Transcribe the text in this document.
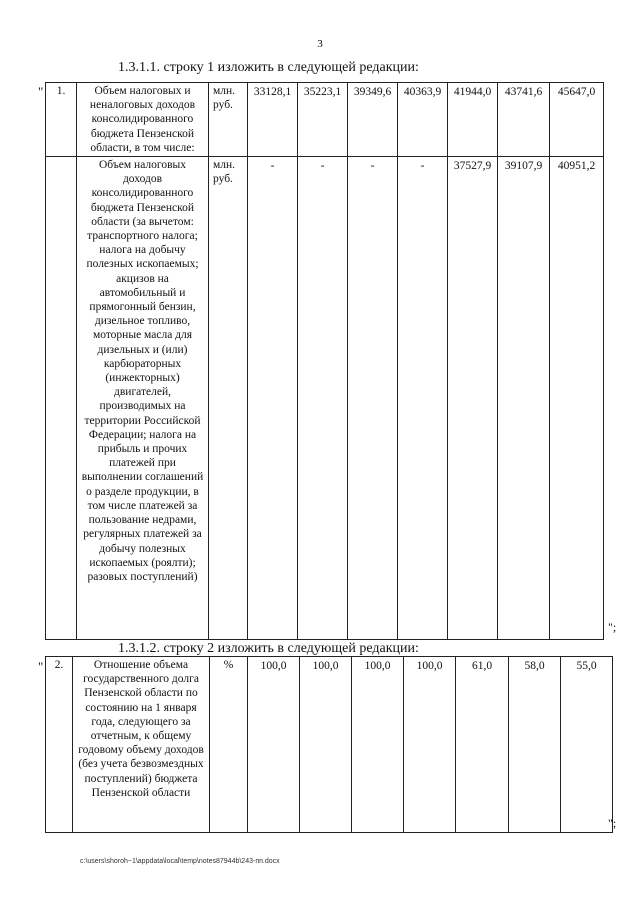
3
1.3.1.1. строку 1 изложить в следующей редакции:
" 1.	Объем налоговых и неналоговых доходов консолидированного бюджета Пензенской области, в том числе:	млн. руб.	33128,1	35223,1	39349,6	40363,9	41944,0	43741,6	45647,0
	Объем налоговых доходов консолидированного бюджета Пензенской области (за вычетом: транспортного налога; налога на добычу полезных ископаемых; акцизов на автомобильный и прямогонный бензин, дизельное топливо, моторные масла для дизельных и (или) карбюраторных (инжекторных) двигателей, производимых на территории Российской Федерации; налога на прибыль и прочих платежей при выполнении соглашений о разделе продукции, в том числе платежей за пользование недрами, регулярных платежей за добычу полезных ископаемых (роялти); разовых поступлений)	млн. руб.	-	-	-	-	37527,9	39107,9	40951,2
";
1.3.1.2. строку 2 изложить в следующей редакции:
" 2.	Отношение объема государственного долга Пензенской области по состоянию на 1 января года, следующего за отчетным, к общему годовому объему доходов (без учета безвозмездных поступлений) бюджета Пензенской области	%	100,0	100,0	100,0	100,0	61,0	58,0	55,0
";
c:\users\shoroh~1\appdata\local\temp\notes87944b\243-пп.docx
